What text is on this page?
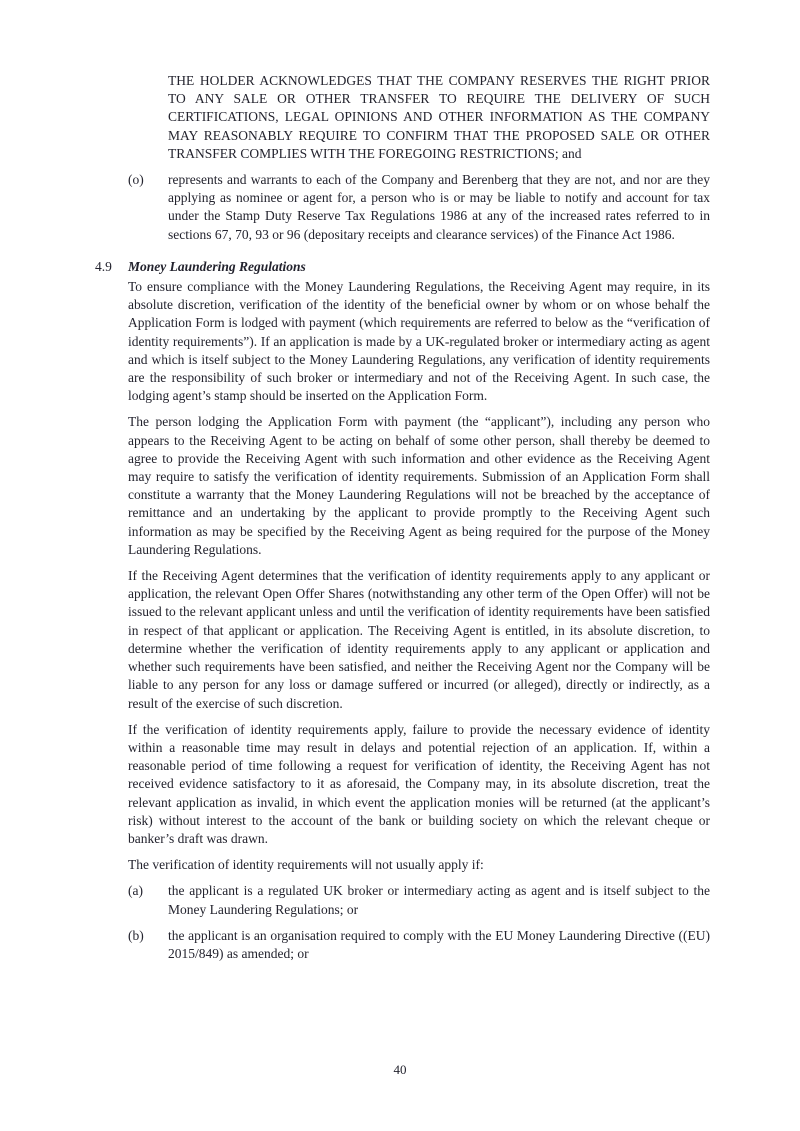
THE HOLDER ACKNOWLEDGES THAT THE COMPANY RESERVES THE RIGHT PRIOR TO ANY SALE OR OTHER TRANSFER TO REQUIRE THE DELIVERY OF SUCH CERTIFICATIONS, LEGAL OPINIONS AND OTHER INFORMATION AS THE COMPANY MAY REASONABLY REQUIRE TO CONFIRM THAT THE PROPOSED SALE OR OTHER TRANSFER COMPLIES WITH THE FOREGOING RESTRICTIONS; and

(o)	represents and warrants to each of the Company and Berenberg that they are not, and nor are they applying as nominee or agent for, a person who is or may be liable to notify and account for tax under the Stamp Duty Reserve Tax Regulations 1986 at any of the increased rates referred to in sections 67, 70, 93 or 96 (depositary receipts and clearance services) of the Finance Act 1986.
4.9	Money Laundering Regulations

To ensure compliance with the Money Laundering Regulations, the Receiving Agent may require, in its absolute discretion, verification of the identity of the beneficial owner by whom or on whose behalf the Application Form is lodged with payment (which requirements are referred to below as the “verification of identity requirements”). If an application is made by a UK-regulated broker or intermediary acting as agent and which is itself subject to the Money Laundering Regulations, any verification of identity requirements are the responsibility of such broker or intermediary and not of the Receiving Agent. In such case, the lodging agent’s stamp should be inserted on the Application Form.

The person lodging the Application Form with payment (the “applicant”), including any person who appears to the Receiving Agent to be acting on behalf of some other person, shall thereby be deemed to agree to provide the Receiving Agent with such information and other evidence as the Receiving Agent may require to satisfy the verification of identity requirements. Submission of an Application Form shall constitute a warranty that the Money Laundering Regulations will not be breached by the acceptance of remittance and an undertaking by the applicant to provide promptly to the Receiving Agent such information as may be specified by the Receiving Agent as being required for the purpose of the Money Laundering Regulations.

If the Receiving Agent determines that the verification of identity requirements apply to any applicant or application, the relevant Open Offer Shares (notwithstanding any other term of the Open Offer) will not be issued to the relevant applicant unless and until the verification of identity requirements have been satisfied in respect of that applicant or application. The Receiving Agent is entitled, in its absolute discretion, to determine whether the verification of identity requirements apply to any applicant or application and whether such requirements have been satisfied, and neither the Receiving Agent nor the Company will be liable to any person for any loss or damage suffered or incurred (or alleged), directly or indirectly, as a result of the exercise of such discretion.

If the verification of identity requirements apply, failure to provide the necessary evidence of identity within a reasonable time may result in delays and potential rejection of an application. If, within a reasonable period of time following a request for verification of identity, the Receiving Agent has not received evidence satisfactory to it as aforesaid, the Company may, in its absolute discretion, treat the relevant application as invalid, in which event the application monies will be returned (at the applicant’s risk) without interest to the account of the bank or building society on which the relevant cheque or banker’s draft was drawn.

The verification of identity requirements will not usually apply if:

(a)	the applicant is a regulated UK broker or intermediary acting as agent and is itself subject to the Money Laundering Regulations; or
(b)	the applicant is an organisation required to comply with the EU Money Laundering Directive ((EU) 2015/849) as amended; or
40
